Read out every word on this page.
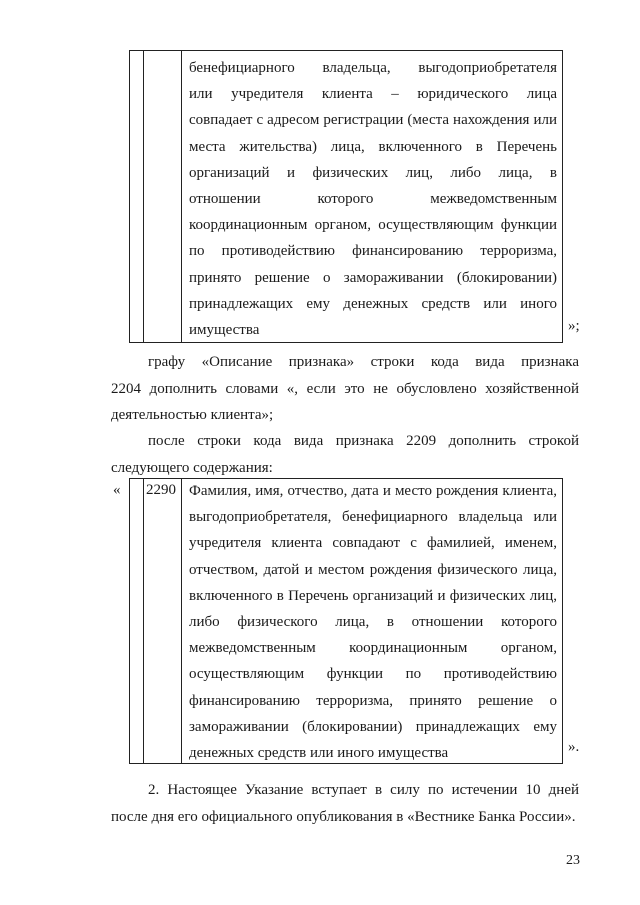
бенефициарного владельца, выгодоприобретателя
или учредителя клиента – юридического лица
совпадает с адресом регистрации (места нахождения или
места жительства) лица, включенного в Перечень
организаций и физических лиц, либо лица, в
отношении которого межведомственным
координационным органом, осуществляющим функции
по противодействию финансированию терроризма,
принято решение о замораживании (блокировании)
принадлежащих ему денежных средств или иного
имущества	»;
графу «Описание признака» строки кода вида признака
2204 дополнить словами «, если это не обусловлено хозяйственной
деятельностью клиента»;
после строки кода вида признака 2209 дополнить строкой
следующего содержания:
« 2290 Фамилия, имя, отчество, дата и место рождения клиента,
выгодоприобретателя, бенефициарного владельца или
учредителя клиента совпадают с фамилией, именем,
отчеством, датой и местом рождения физического лица,
включенного в Перечень организаций и физических лиц,
либо физического лица, в отношении которого
межведомственным координационным органом,
осуществляющим функции по противодействию
финансированию терроризма, принято решение о
замораживании (блокировании) принадлежащих ему
денежных средств или иного имущества	».
2. Настоящее Указание вступает в силу по истечении 10 дней
после дня его официального опубликования в «Вестнике Банка России».
23
